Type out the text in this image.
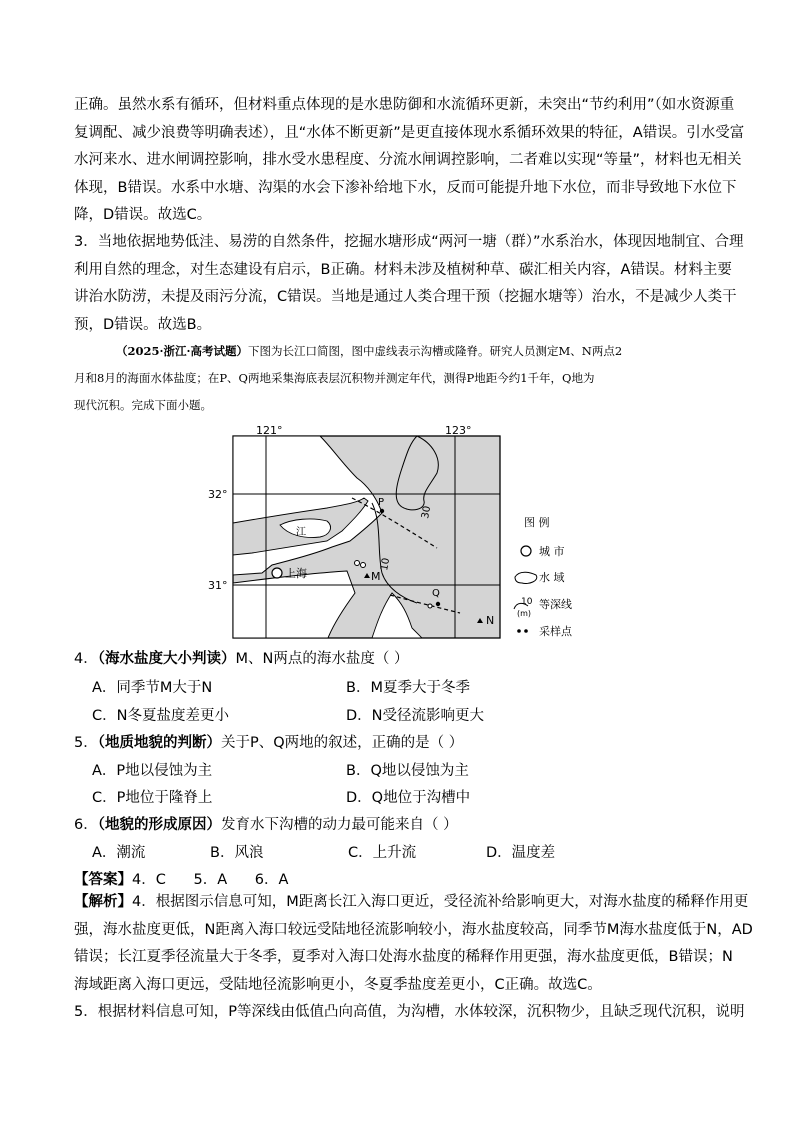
正确。虽然水系有循环，但材料重点体现的是水患防御和水流循环更新，未突出“节约利用”（如水资源重
复调配、减少浪费等明确表述），且“水体不断更新”是更直接体现水系循环效果的特征，A错误。引水受富
水河来水、进水闸调控影响，排水受水患程度、分流水闸调控影响，二者难以实现“等量”，材料也无相关
体现，B错误。水系中水塘、沟渠的水会下渗补给地下水，反而可能提升地下水位，而非导致地下水位下
降，D错误。故选C。
3．当地依据地势低洼、易涝的自然条件，挖掘水塘形成“两河一塘（群）”水系治水，体现因地制宜、合理
利用自然的理念，对生态建设有启示，B正确。材料未涉及植树种草、碳汇相关内容，A错误。材料主要
讲治水防涝，未提及雨污分流，C错误。当地是通过人类合理干预（挖掘水塘等）治水，不是减少人类干
预，D错误。故选B。
（2025·浙江·高考试题）下图为长江口简图，图中虚线表示沟槽或隆脊。研究人员测定M、N两点2
月和8月的海面水体盐度；在P、Q两地采集海底表层沉积物并测定年代，测得P地距今约1千年，Q地为
现代沉积。完成下面小题。
121°	123°
32°
31°
江
上海	M
N
P
Q
10
30
图 例
城 市
水 域
10
(m)
等深线
采样点
4．（海水盐度大小判读）M、N两点的海水盐度（ ）
A．同季节M大于N	B．M夏季大于冬季
C．N冬夏盐度差更小	D．N受径流影响更大
5．（地质地貌的判断）关于P、Q两地的叙述，正确的是（ ）
A．P地以侵蚀为主	B．Q地以侵蚀为主
C．P地位于隆脊上	D．Q地位于沟槽中
6．（地貌的形成原因）发育水下沟槽的动力最可能来自（ ）
A．潮流	B．风浪	C．上升流	D．温度差
【答案】4．C      5．A      6．A
【解析】4．根据图示信息可知，M距离长江入海口更近，受径流补给影响更大，对海水盐度的稀释作用更
强，海水盐度更低，N距离入海口较远受陆地径流影响较小，海水盐度较高，同季节M海水盐度低于N，AD
错误；长江夏季径流量大于冬季，夏季对入海口处海水盐度的稀释作用更强，海水盐度更低，B错误；N
海域距离入海口更远，受陆地径流影响更小，冬夏季盐度差更小，C正确。故选C。
5．根据材料信息可知，P等深线由低值凸向高值，为沟槽，水体较深，沉积物少，且缺乏现代沉积，说明
